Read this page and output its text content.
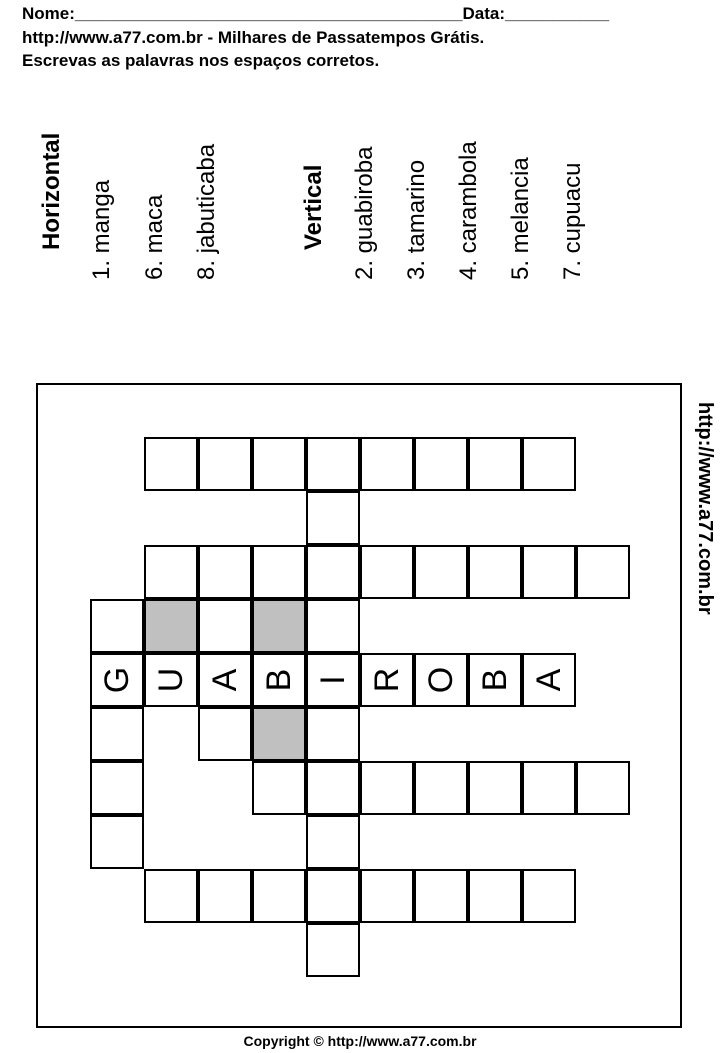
Nome:_________________________________________Data:___________
http://www.a77.com.br - Milhares de Passatempos Grátis.
Escrevas as palavras nos espaços corretos.
Horizontal 1. manga 6. maca 8. jabuticaba	Vertical 2. guabiroba 3. tamarino 4. carambola 5. melancia 7. cupuacu
G U A B I R O B A
http://www.a77.com.br
Copyright © http://www.a77.com.br
